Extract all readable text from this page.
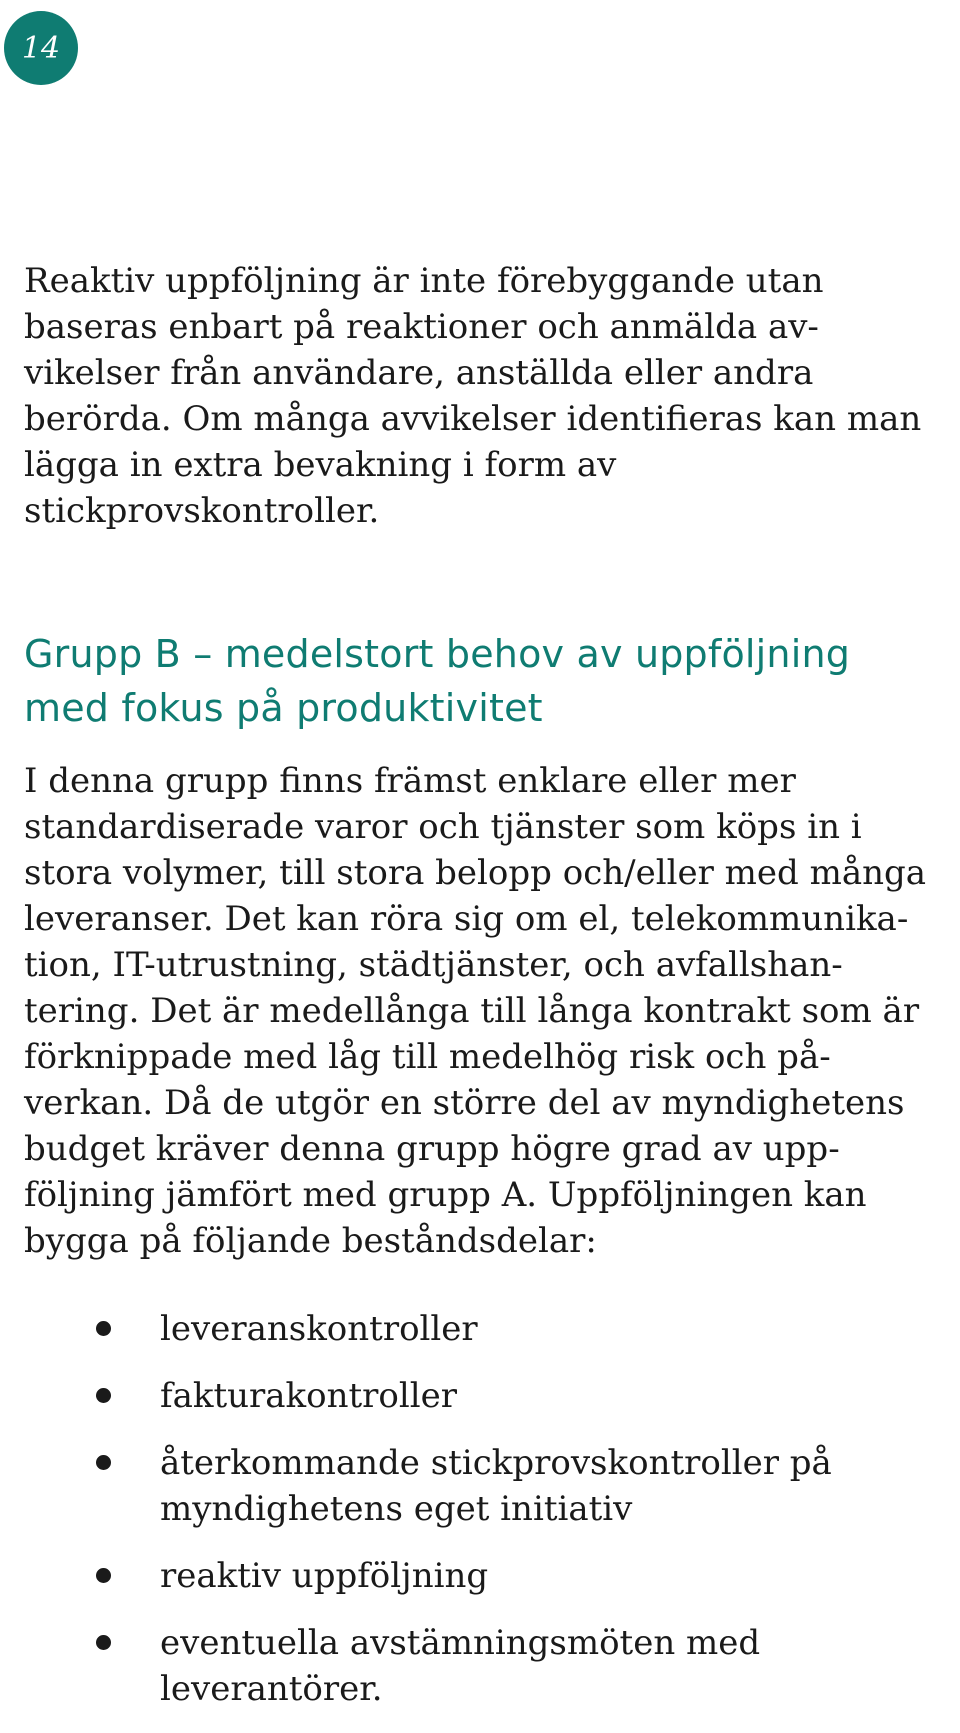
14

Reaktiv uppföljning är inte förebyggande utan
baseras enbart på reaktioner och anmälda av-
vikelser från användare, anställda eller andra
berörda. Om många avvikelser identifieras kan man
lägga in extra bevakning i form av
stickprovskontroller.

Grupp B – medelstort behov av uppföljning
med fokus på produktivitet

I denna grupp finns främst enklare eller mer
standardiserade varor och tjänster som köps in i
stora volymer, till stora belopp och/eller med många
leveranser. Det kan röra sig om el, telekommunika-
tion, IT-utrustning, städtjänster, och avfallshan-
tering. Det är medellånga till långa kontrakt som är
förknippade med låg till medelhög risk och på-
verkan. Då de utgör en större del av myndighetens
budget kräver denna grupp högre grad av upp-
följning jämfört med grupp A. Uppföljningen kan
bygga på följande beståndsdelar:

leveranskontroller
fakturakontroller
återkommande stickprovskontroller på
myndighetens eget initiativ
reaktiv uppföljning
eventuella avstämningsmöten med
leverantörer.
